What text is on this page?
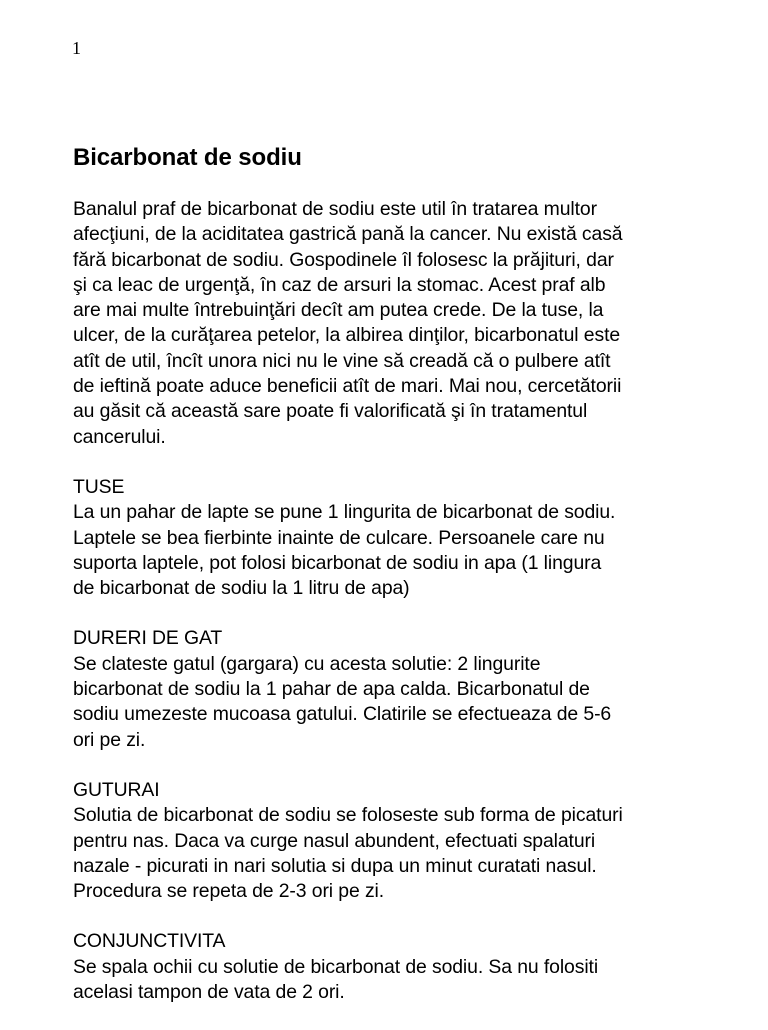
1
Bicarbonat de sodiu
Banalul praf de bicarbonat de sodiu este util în tratarea multor
afecţiuni, de la aciditatea gastrică pană la cancer. Nu există casă
fără bicarbonat de sodiu. Gospodinele îl folosesc la prăjituri, dar
şi ca leac de urgenţă, în caz de arsuri la stomac. Acest praf alb
are mai multe întrebuinţări decît am putea crede. De la tuse, la
ulcer, de la curăţarea petelor, la albirea dinţilor, bicarbonatul este
atît de util, încît unora nici nu le vine să creadă că o pulbere atît
de ieftină poate aduce beneficii atît de mari. Mai nou, cercetătorii
au găsit că această sare poate fi valorificată şi în tratamentul
cancerului.
TUSE
La un pahar de lapte se pune 1 lingurita de bicarbonat de sodiu.
Laptele se bea fierbinte inainte de culcare. Persoanele care nu
suporta laptele, pot folosi bicarbonat de sodiu in apa (1 lingura
de bicarbonat de sodiu la 1 litru de apa)
DURERI DE GAT
Se clateste gatul (gargara) cu acesta solutie: 2 lingurite
bicarbonat de sodiu la 1 pahar de apa calda. Bicarbonatul de
sodiu umezeste mucoasa gatului. Clatirile se efectueaza de 5-6
ori pe zi.
GUTURAI
Solutia de bicarbonat de sodiu se foloseste sub forma de picaturi
pentru nas. Daca va curge nasul abundent, efectuati spalaturi
nazale - picurati in nari solutia si dupa un minut curatati nasul.
Procedura se repeta de 2-3 ori pe zi.
CONJUNCTIVITA
Se spala ochii cu solutie de bicarbonat de sodiu. Sa nu folositi
acelasi tampon de vata de 2 ori.
